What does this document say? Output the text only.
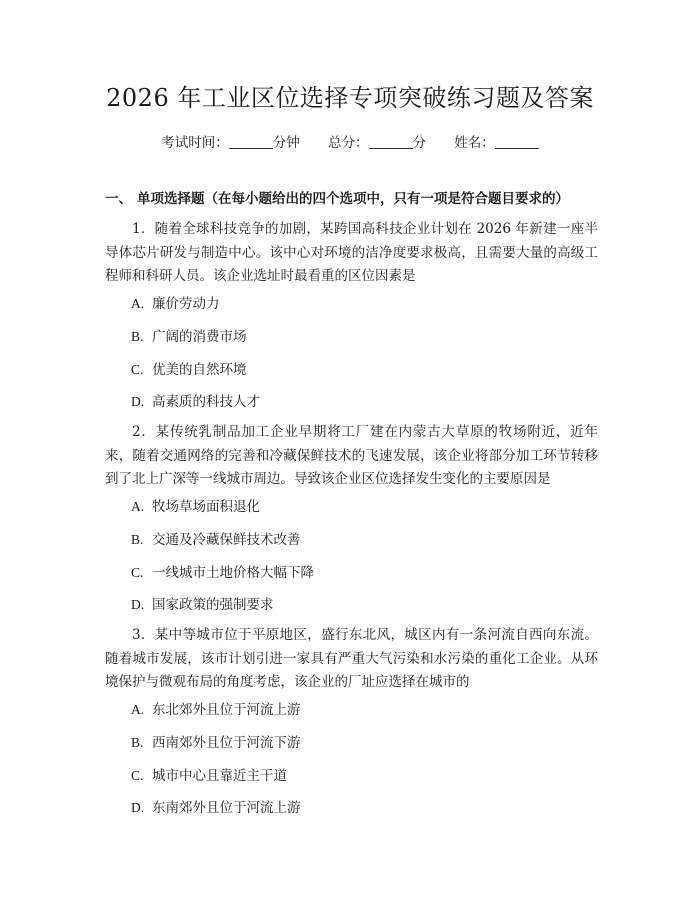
2026 年工业区位选择专项突破练习题及答案
考试时间：	分钟 总分：	分 姓名：
一、 单项选择题（在每小题给出的四个选项中，只有一项是符合题目要求的）
1．随着全球科技竞争的加剧，某跨国高科技企业计划在 2026 年新建一座半导体芯片研发与制造中心。该中心对环境的洁净度要求极高，且需要大量的高级工程师和科研人员。该企业选址时最看重的区位因素是
A. 廉价劳动力
B. 广阔的消费市场
C. 优美的自然环境
D. 高素质的科技人才
2．某传统乳制品加工企业早期将工厂建在内蒙古大草原的牧场附近，近年来，随着交通网络的完善和冷藏保鲜技术的飞速发展，该企业将部分加工环节转移到了北上广深等一线城市周边。导致该企业区位选择发生变化的主要原因是
A. 牧场草场面积退化
B. 交通及冷藏保鲜技术改善
C. 一线城市土地价格大幅下降
D. 国家政策的强制要求
3．某中等城市位于平原地区，盛行东北风，城区内有一条河流自西向东流。随着城市发展，该市计划引进一家具有严重大气污染和水污染的重化工企业。从环境保护与微观布局的角度考虑，该企业的厂址应选择在城市的
A. 东北郊外且位于河流上游
B. 西南郊外且位于河流下游
C. 城市中心且靠近主干道
D. 东南郊外且位于河流上游
